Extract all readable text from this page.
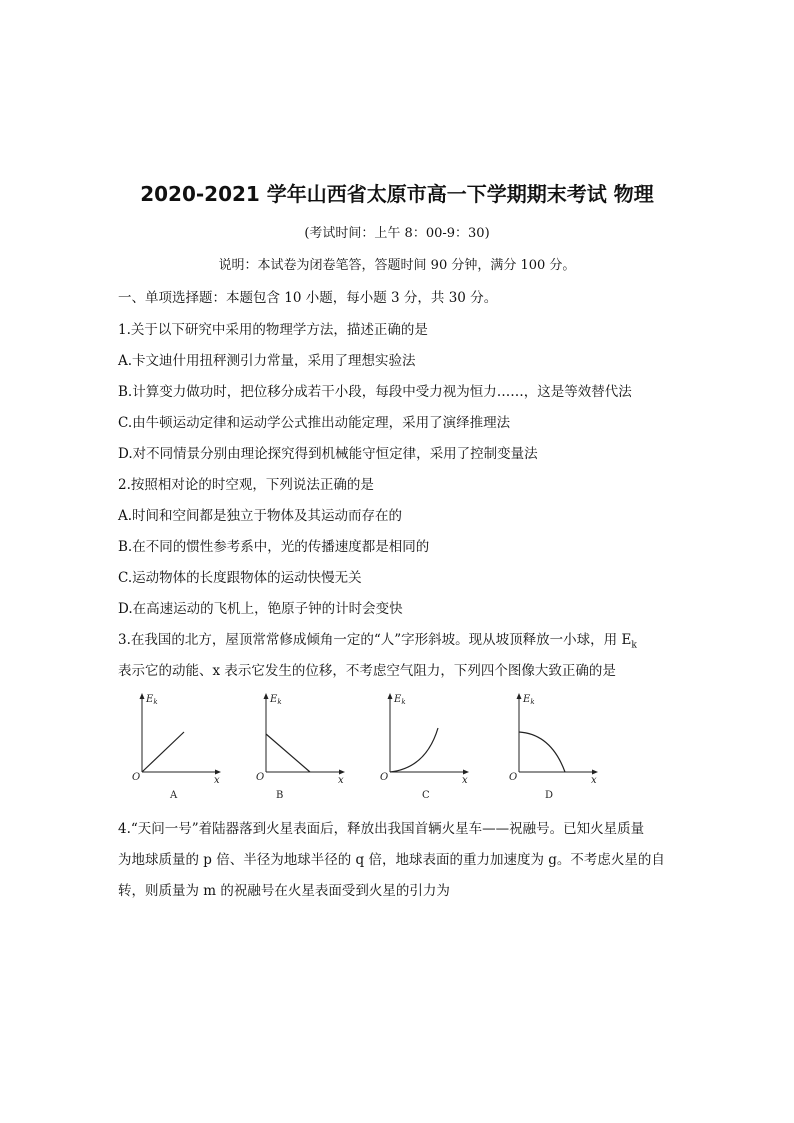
2020-2021 学年山西省太原市高一下学期期末考试 物理
(考试时间：上午 8：00-9：30)
说明：本试卷为闭卷笔答，答题时间 90 分钟，满分 100 分。
一、单项选择题：本题包含 10 小题，每小题 3 分，共 30 分。
1.关于以下研究中采用的物理学方法，描述正确的是
A.卡文迪什用扭秤测引力常量，采用了理想实验法
B.计算变力做功时，把位移分成若干小段，每段中受力视为恒力……，这是等效替代法
C.由牛顿运动定律和运动学公式推出动能定理，采用了演绎推理法
D.对不同情景分别由理论探究得到机械能守恒定律，采用了控制变量法
2.按照相对论的时空观，下列说法正确的是
A.时间和空间都是独立于物体及其运动而存在的
B.在不同的惯性参考系中，光的传播速度都是相同的
C.运动物体的长度跟物体的运动快慢无关
D.在高速运动的飞机上，铯原子钟的计时会变快
3.在我国的北方，屋顶常常修成倾角一定的“人”字形斜坡。现从坡顶释放一小球，用 $E_k$
表示它的动能、x 表示它发生的位移，不考虑空气阻力，下列四个图像大致正确的是
$E_k$
O	x
A
$E_k$
O	x
B
$E_k$
O	x
C
$E_k$
O	x
D
4.“天问一号”着陆器落到火星表面后，释放出我国首辆火星车——祝融号。已知火星质量
为地球质量的 p 倍、半径为地球半径的 q 倍，地球表面的重力加速度为 g。不考虑火星的自
转，则质量为 m 的祝融号在火星表面受到火星的引力为
